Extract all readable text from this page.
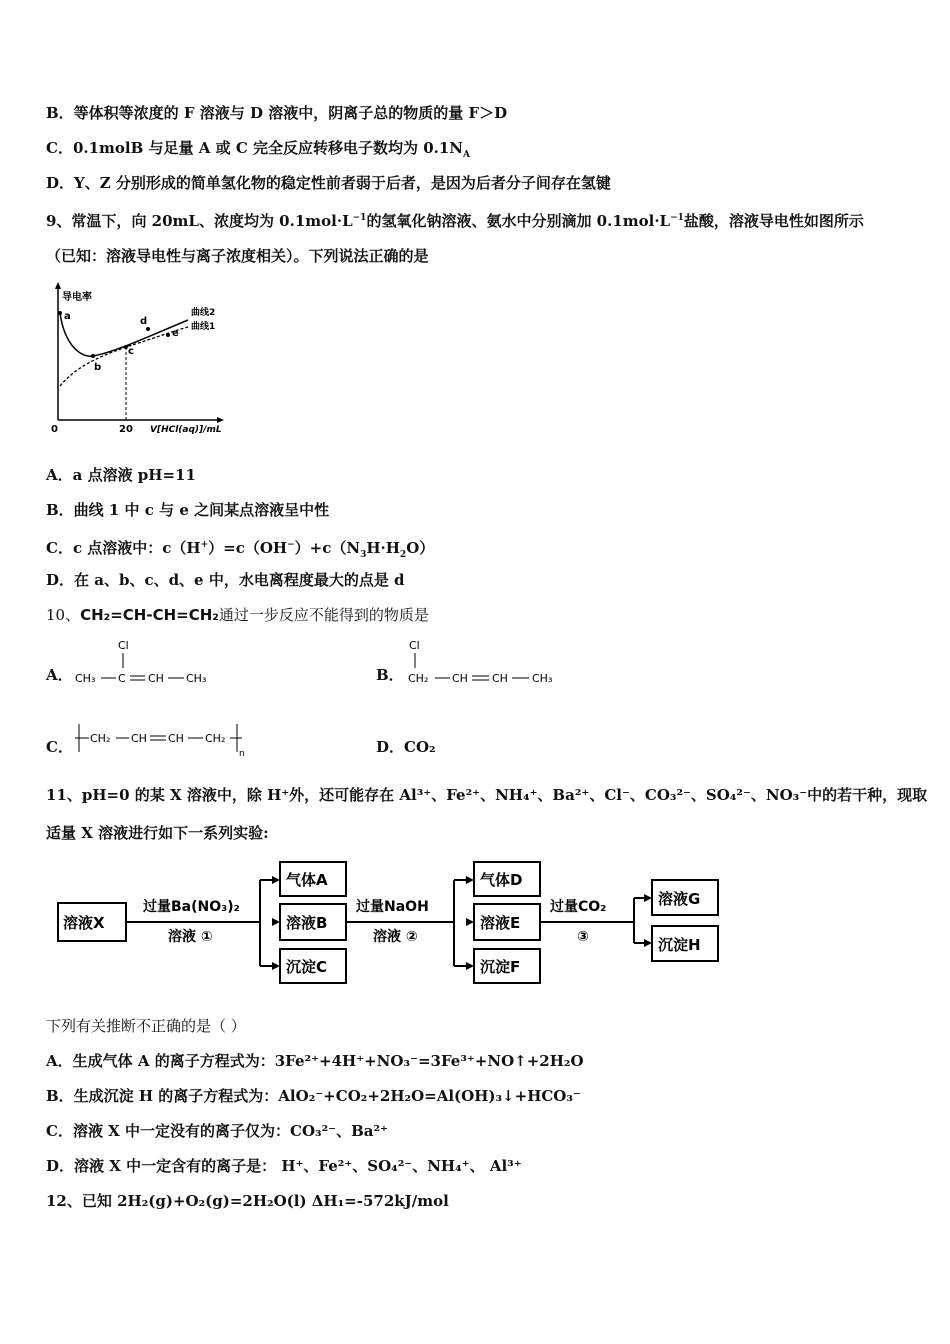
B．等体积等浓度的 F 溶液与 D 溶液中，阴离子总的物质的量 F＞D
C．0.1molB 与足量 A 或 C 完全反应转移电子数均为 $0.1N_A$
D．Y、Z 分别形成的简单氢化物的稳定性前者弱于后者，是因为后者分子间存在氢键
9、常温下，向 20mL、浓度均为 $0.1mol\cdot L^{-1}$的氢氧化钠溶液、氨水中分别滴加 $0.1mol\cdot L^{-1}$盐酸，溶液导电性如图所示
（已知：溶液导电性与离子浓度相关）。下列说法正确的是
导电率
V[HCl(aq)]/mL
0	20
a
b
c
d
e
曲线2
曲线1
A．a 点溶液 pH=11
B．曲线 1 中 c 与 e 之间某点溶液呈中性
C．c 点溶液中：$c(H^+)=c(OH^-)+c(N_3H\cdot H_2O)$
D．在 a、b、c、d、e 中，水电离程度最大的点是 d
10、CH₂=CH-CH=CH₂通过一步反应不能得到的物质是
A．
Cl
CH₃ C CH CH₃	B．
Cl
CH₂ CH CH CH₃
C． CH₂ CH CH CH₂
n	D．CO₂
11、pH=0 的某 X 溶液中，除 H⁺外，还可能存在 Al³⁺、Fe²⁺、NH₄⁺、Ba²⁺、Cl⁻、CO₃²⁻、SO₄²⁻、NO₃⁻中的若干种，现取
适量 X 溶液进行如下一系列实验:
溶液X
过量Ba(NO₃)₂
溶液 ①
气体A
溶液B
沉淀C
过量NaOH
溶液 ②
气体D
溶液E
沉淀F
过量CO₂
③
溶液G
沉淀H
下列有关推断不正确的是（ ）
A．生成气体 A 的离子方程式为：3Fe²⁺+4H⁺+NO₃⁻=3Fe³⁺+NO↑+2H₂O
B．生成沉淀 H 的离子方程式为：AlO₂⁻+CO₂+2H₂O=Al(OH)₃↓+HCO₃⁻
C．溶液 X 中一定没有的离子仅为：CO₃²⁻、Ba²⁺
D．溶液 X 中一定含有的离子是： H⁺、Fe²⁺、SO₄²⁻、NH₄⁺、 Al³⁺
12、已知 2H₂(g)+O₂(g)=2H₂O(l) ΔH₁=-572kJ/mol
